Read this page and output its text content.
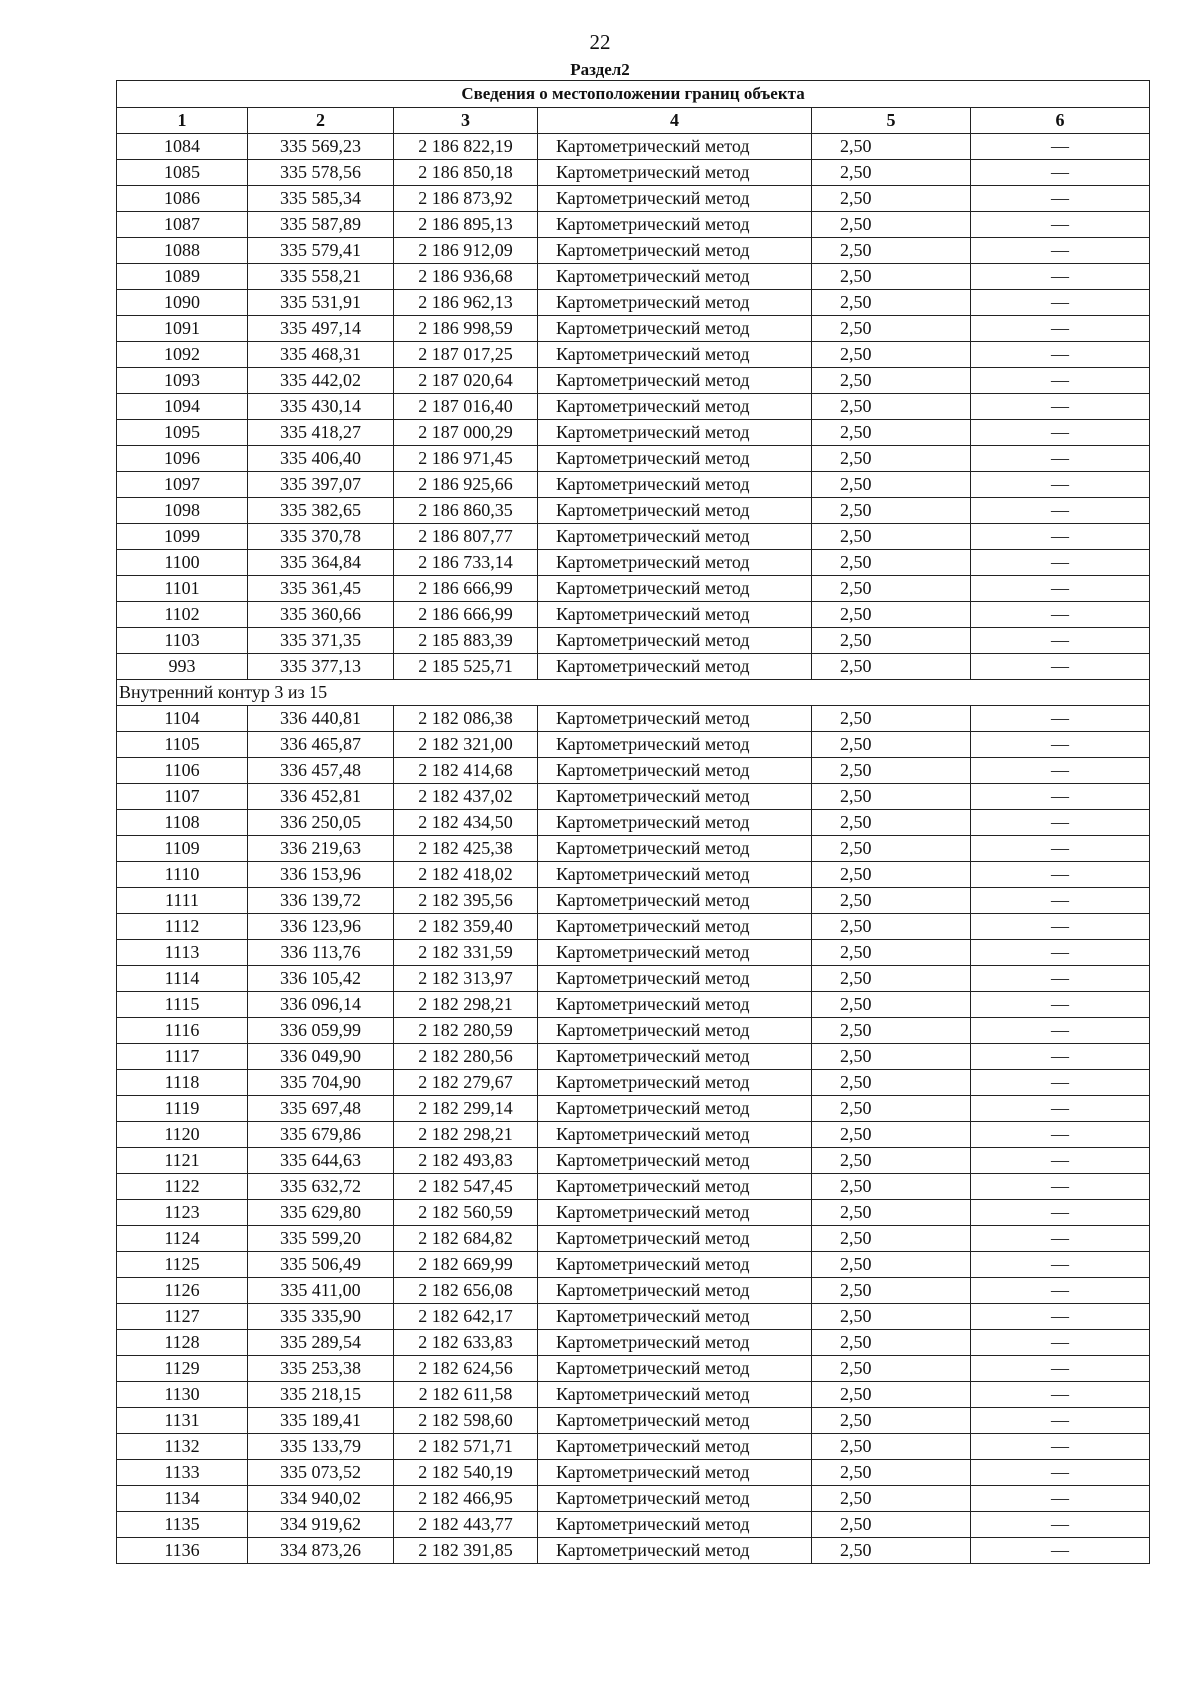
22
Раздел2
Сведения о местоположении границ объекта					
1	2	3	4	5	6
1084	335 569,23	2 186 822,19	Картометрический метод	2,50	—
1085	335 578,56	2 186 850,18	Картометрический метод	2,50	—
1086	335 585,34	2 186 873,92	Картометрический метод	2,50	—
1087	335 587,89	2 186 895,13	Картометрический метод	2,50	—
1088	335 579,41	2 186 912,09	Картометрический метод	2,50	—
1089	335 558,21	2 186 936,68	Картометрический метод	2,50	—
1090	335 531,91	2 186 962,13	Картометрический метод	2,50	—
1091	335 497,14	2 186 998,59	Картометрический метод	2,50	—
1092	335 468,31	2 187 017,25	Картометрический метод	2,50	—
1093	335 442,02	2 187 020,64	Картометрический метод	2,50	—
1094	335 430,14	2 187 016,40	Картометрический метод	2,50	—
1095	335 418,27	2 187 000,29	Картометрический метод	2,50	—
1096	335 406,40	2 186 971,45	Картометрический метод	2,50	—
1097	335 397,07	2 186 925,66	Картометрический метод	2,50	—
1098	335 382,65	2 186 860,35	Картометрический метод	2,50	—
1099	335 370,78	2 186 807,77	Картометрический метод	2,50	—
1100	335 364,84	2 186 733,14	Картометрический метод	2,50	—
1101	335 361,45	2 186 666,99	Картометрический метод	2,50	—
1102	335 360,66	2 186 666,99	Картометрический метод	2,50	—
1103	335 371,35	2 185 883,39	Картометрический метод	2,50	—
993	335 377,13	2 185 525,71	Картометрический метод	2,50	—
Внутренний контур 3 из 15					
1104	336 440,81	2 182 086,38	Картометрический метод	2,50	—
1105	336 465,87	2 182 321,00	Картометрический метод	2,50	—
1106	336 457,48	2 182 414,68	Картометрический метод	2,50	—
1107	336 452,81	2 182 437,02	Картометрический метод	2,50	—
1108	336 250,05	2 182 434,50	Картометрический метод	2,50	—
1109	336 219,63	2 182 425,38	Картометрический метод	2,50	—
1110	336 153,96	2 182 418,02	Картометрический метод	2,50	—
1111	336 139,72	2 182 395,56	Картометрический метод	2,50	—
1112	336 123,96	2 182 359,40	Картометрический метод	2,50	—
1113	336 113,76	2 182 331,59	Картометрический метод	2,50	—
1114	336 105,42	2 182 313,97	Картометрический метод	2,50	—
1115	336 096,14	2 182 298,21	Картометрический метод	2,50	—
1116	336 059,99	2 182 280,59	Картометрический метод	2,50	—
1117	336 049,90	2 182 280,56	Картометрический метод	2,50	—
1118	335 704,90	2 182 279,67	Картометрический метод	2,50	—
1119	335 697,48	2 182 299,14	Картометрический метод	2,50	—
1120	335 679,86	2 182 298,21	Картометрический метод	2,50	—
1121	335 644,63	2 182 493,83	Картометрический метод	2,50	—
1122	335 632,72	2 182 547,45	Картометрический метод	2,50	—
1123	335 629,80	2 182 560,59	Картометрический метод	2,50	—
1124	335 599,20	2 182 684,82	Картометрический метод	2,50	—
1125	335 506,49	2 182 669,99	Картометрический метод	2,50	—
1126	335 411,00	2 182 656,08	Картометрический метод	2,50	—
1127	335 335,90	2 182 642,17	Картометрический метод	2,50	—
1128	335 289,54	2 182 633,83	Картометрический метод	2,50	—
1129	335 253,38	2 182 624,56	Картометрический метод	2,50	—
1130	335 218,15	2 182 611,58	Картометрический метод	2,50	—
1131	335 189,41	2 182 598,60	Картометрический метод	2,50	—
1132	335 133,79	2 182 571,71	Картометрический метод	2,50	—
1133	335 073,52	2 182 540,19	Картометрический метод	2,50	—
1134	334 940,02	2 182 466,95	Картометрический метод	2,50	—
1135	334 919,62	2 182 443,77	Картометрический метод	2,50	—
1136	334 873,26	2 182 391,85	Картометрический метод	2,50	—
